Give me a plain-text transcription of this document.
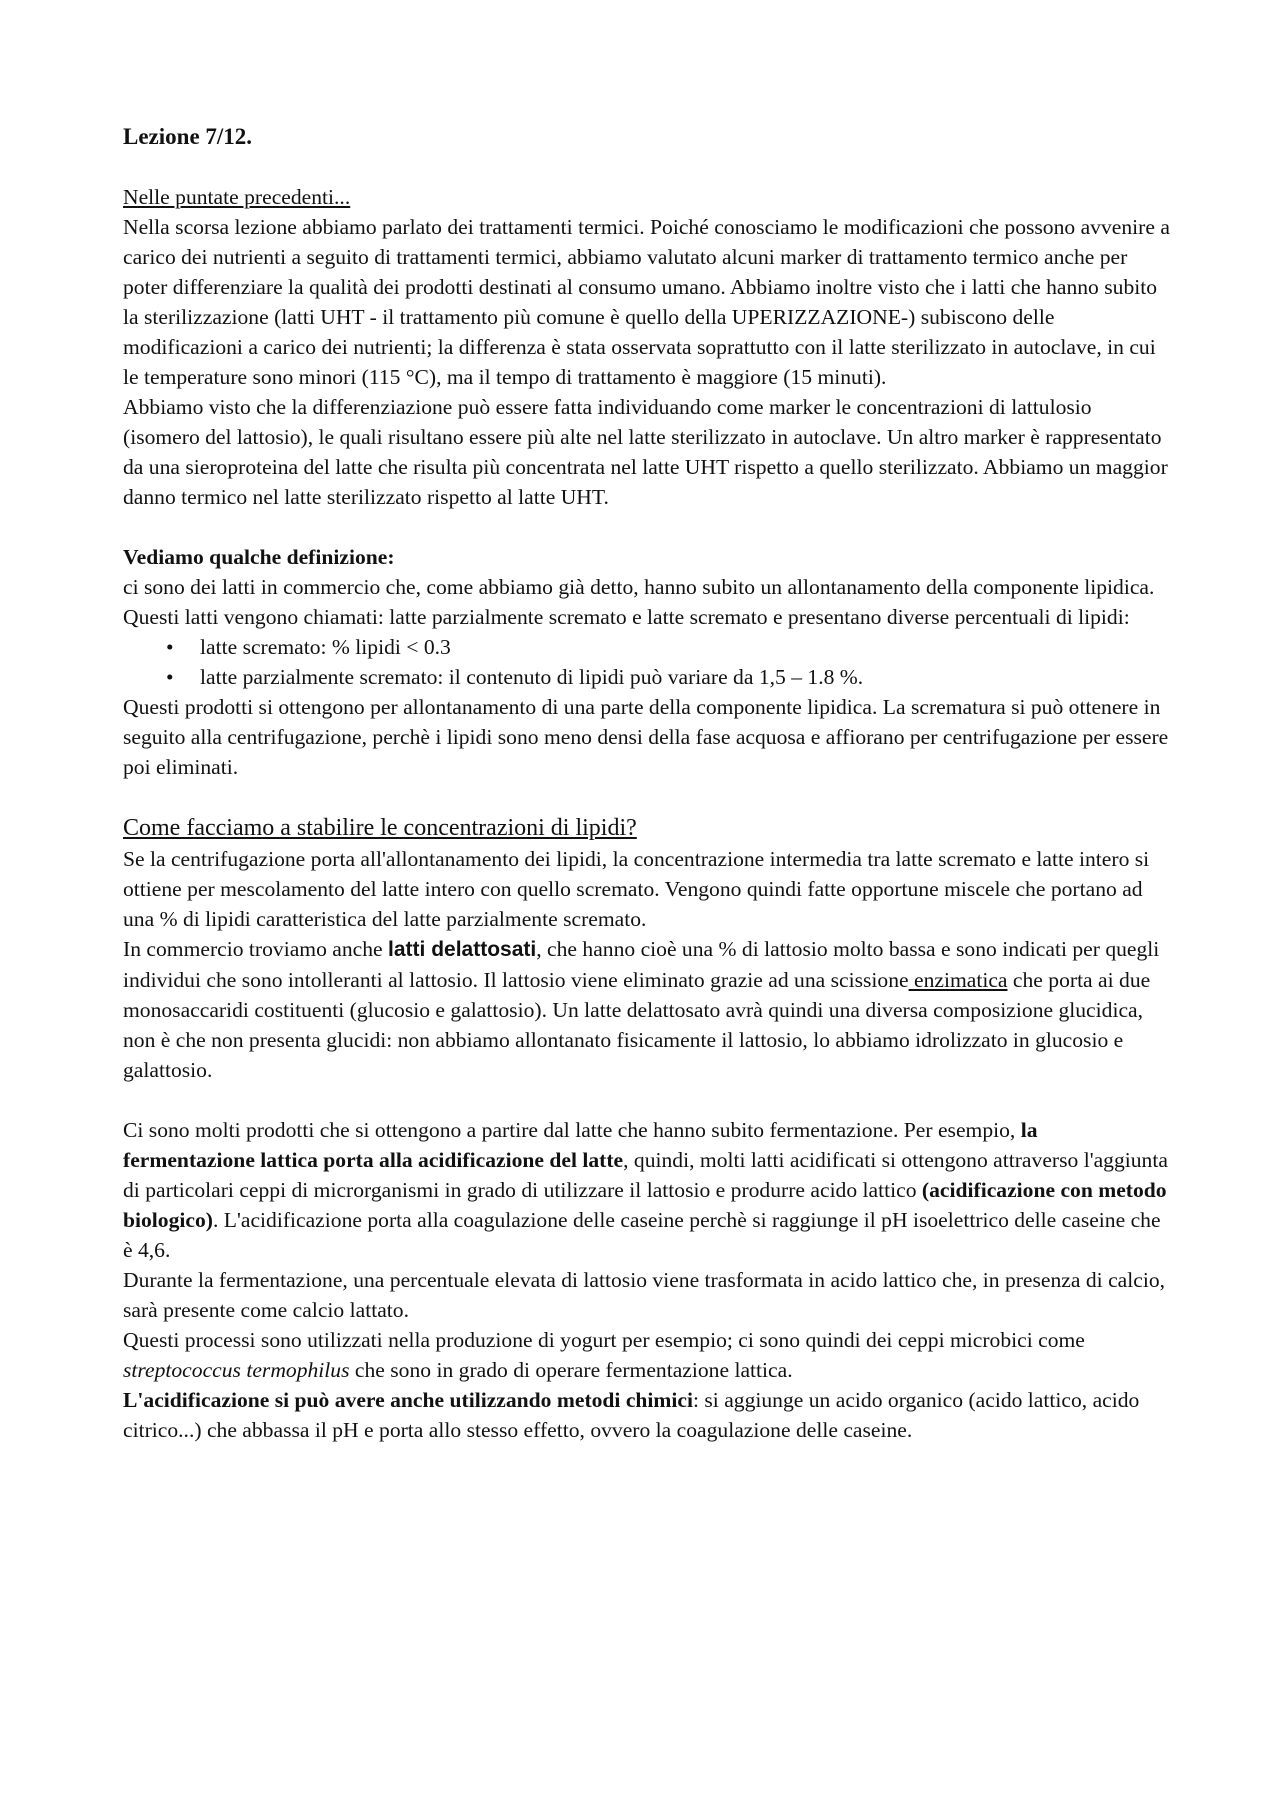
Lezione 7/12.

Nelle puntate precedenti...

Nella scorsa lezione abbiamo parlato dei trattamenti termici. Poiché conosciamo le modificazioni che possono avvenire a carico dei nutrienti a seguito di trattamenti termici, abbiamo valutato alcuni marker di trattamento termico anche per poter differenziare la qualità dei prodotti destinati al consumo umano. Abbiamo inoltre visto che i latti che hanno subito la sterilizzazione (latti UHT - il trattamento più comune è quello della UPERIZZAZIONE-) subiscono delle modificazioni a carico dei nutrienti; la differenza è stata osservata soprattutto con il latte sterilizzato in autoclave, in cui le temperature sono minori (115 °C), ma il tempo di trattamento è maggiore (15 minuti).

Abbiamo visto che la differenziazione può essere fatta individuando come marker le concentrazioni di lattulosio (isomero del lattosio), le quali risultano essere più alte nel latte sterilizzato in autoclave. Un altro marker è rappresentato da una sieroproteina del latte che risulta più concentrata nel latte UHT rispetto a quello sterilizzato. Abbiamo un maggior danno termico nel latte sterilizzato rispetto al latte UHT.

Vediamo qualche definizione:

ci sono dei latti in commercio che, come abbiamo già detto, hanno subito un allontanamento della componente lipidica. Questi latti vengono chiamati: latte parzialmente scremato e latte scremato e presentano diverse percentuali di lipidi:

• latte scremato: % lipidi < 0.3
• latte parzialmente scremato: il contenuto di lipidi può variare da 1,5 – 1.8 %.

Questi prodotti si ottengono per allontanamento di una parte della componente lipidica. La scrematura si può ottenere in seguito alla centrifugazione, perchè i lipidi sono meno densi della fase acquosa e affiorano per centrifugazione per essere poi eliminati.

Come facciamo a stabilire le concentrazioni di lipidi?

Se la centrifugazione porta all'allontanamento dei lipidi, la concentrazione intermedia tra latte scremato e latte intero si ottiene per mescolamento del latte intero con quello scremato. Vengono quindi fatte opportune miscele che portano ad una % di lipidi caratteristica del latte parzialmente scremato.

In commercio troviamo anche latti delattosati, che hanno cioè una % di lattosio molto bassa e sono indicati per quegli individui che sono intolleranti al lattosio. Il lattosio viene eliminato grazie ad una scissione enzimatica che porta ai due monosaccaridi costituenti (glucosio e galattosio). Un latte delattosato avrà quindi una diversa composizione glucidica, non è che non presenta glucidi: non abbiamo allontanato fisicamente il lattosio, lo abbiamo idrolizzato in glucosio e galattosio.

Ci sono molti prodotti che si ottengono a partire dal latte che hanno subito fermentazione. Per esempio, la fermentazione lattica porta alla acidificazione del latte, quindi, molti latti acidificati si ottengono attraverso l'aggiunta di particolari ceppi di microrganismi in grado di utilizzare il lattosio e produrre acido lattico (acidificazione con metodo biologico). L'acidificazione porta alla coagulazione delle caseine perchè si raggiunge il pH isoelettrico delle caseine che è 4,6.

Durante la fermentazione, una percentuale elevata di lattosio viene trasformata in acido lattico che, in presenza di calcio, sarà presente come calcio lattato.

Questi processi sono utilizzati nella produzione di yogurt per esempio; ci sono quindi dei ceppi microbici come streptococcus termophilus che sono in grado di operare fermentazione lattica.

L'acidificazione si può avere anche utilizzando metodi chimici: si aggiunge un acido organico (acido lattico, acido citrico...) che abbassa il pH e porta allo stesso effetto, ovvero la coagulazione delle caseine.
